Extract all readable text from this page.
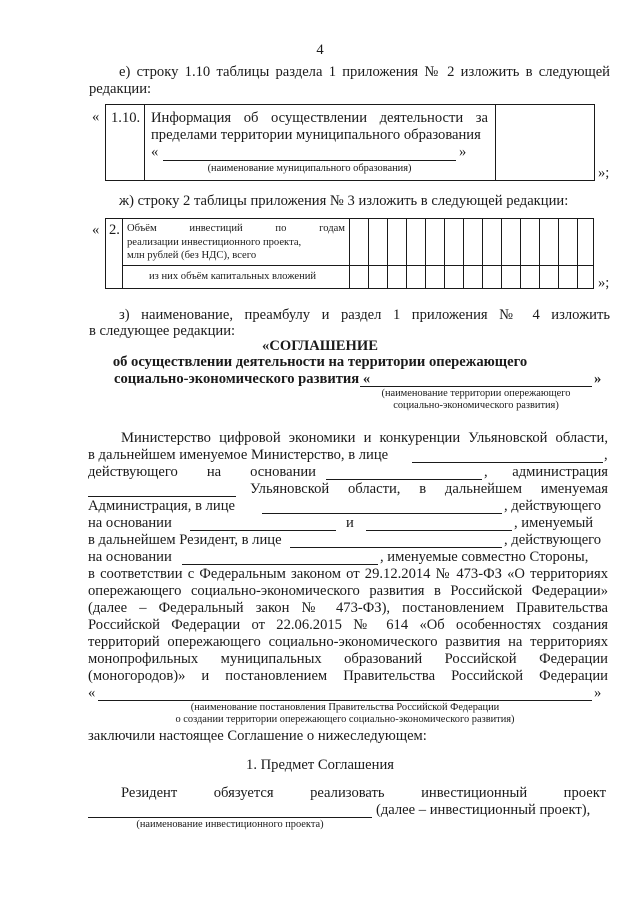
4
е) строку 1.10 таблицы раздела 1 приложения № 2 изложить в следующей
редакции:
« 1.10.	Информация об осуществлении деятельности за
пределами территории муниципального образования
«	»
(наименование муниципального образования)
		»;
ж) строку 2 таблицы приложения № 3 изложить в следующей редакции:
« 2.	Объём инвестиций по годам
реализации инвестиционного проекта,
млн рублей (без НДС), всего													

	из них объём капитальных вложений													
														»;
з) наименование, преамбулу и раздел 1 приложения № 4 изложить
в следующее редакции:
«СОГЛАШЕНИЕ
об осуществлении деятельности на территории опережающего
социально-экономического развития «	»
(наименование территории опережающего
социально-экономического развития)
Министерство цифровой экономики и конкуренции Ульяновской области,
в дальнейшем именуемое Министерство, в лице	,
действующего на основании	, администрация
Ульяновской области, в дальнейшем именуемая
Администрация, в лице	, действующего
на основании	и	, именуемый
в дальнейшем Резидент, в лице	, действующего
на основании	, именуемые совместно Стороны,
в соответствии с Федеральным законом от 29.12.2014 № 473-ФЗ «О территориях
опережающего социально-экономического развития в Российской Федерации»
(далее – Федеральный закон № 473-ФЗ), постановлением Правительства
Российской Федерации от 22.06.2015 № 614 «Об особенностях создания
территорий опережающего социально-экономического развития на территориях
монопрофильных муниципальных образований Российской Федерации
(моногородов)» и постановлением Правительства Российской Федерации
«	»
(наименование постановления Правительства Российской Федерации
о создании территории опережающего социально-экономического развития)
заключили настоящее Соглашение о нижеследующем:
1. Предмет Соглашения
Резидент обязуется реализовать инвестиционный проект
(далее – инвестиционный проект),
(наименование инвестиционного проекта)
